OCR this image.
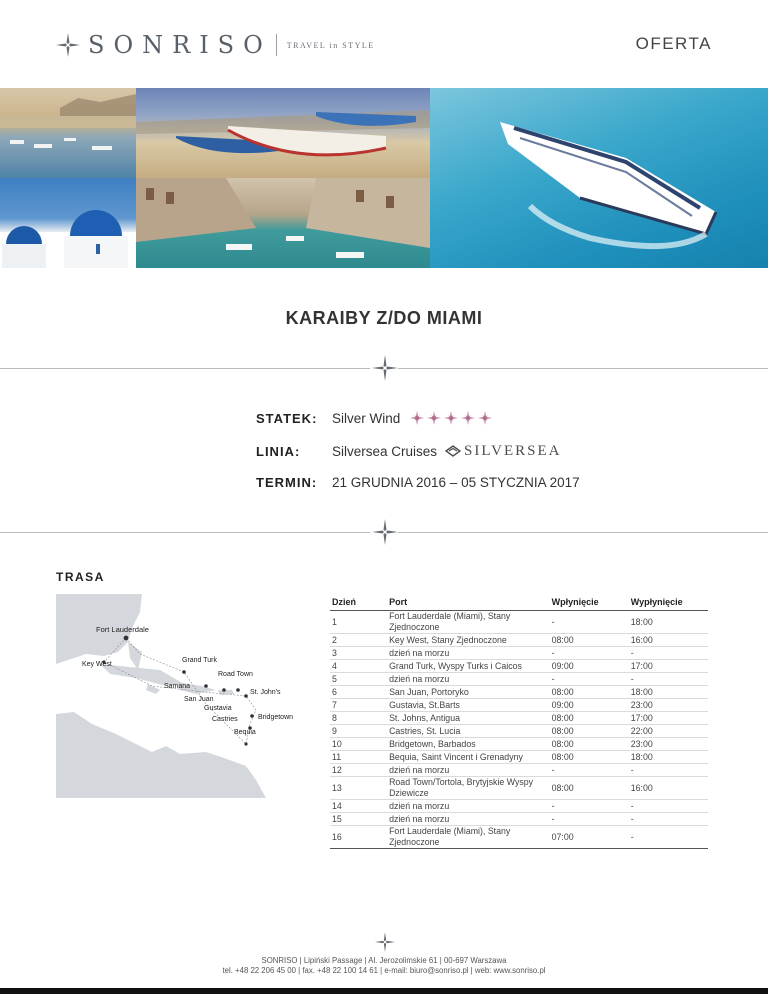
SONRISO TRAVEL in STYLE	OFERTA
KARAIBY Z/DO MIAMI
STATEK:	Silver Wind
LINIA:	Silversea Cruises SILVERSEA
TERMIN:	21 GRUDNIA 2016 – 05 STYCZNIA 2017
TRASA
Fort Lauderdale
Key West
Grand Turk
Road Town
Samana
San Juan
St. John's
Gustavia
Castries	Bridgetown
Bequia
Dzień	Port	Wpłynięcie	Wypłynięcie
1	Fort Lauderdale (Miami), Stany Zjednoczone	-	18:00
2	Key West, Stany Zjednoczone	08:00	16:00
3	dzień na morzu	-	-
4	Grand Turk, Wyspy Turks i Caicos	09:00	17:00
5	dzień na morzu	-	-
6	San Juan, Portoryko	08:00	18:00
7	Gustavia, St.Barts	09:00	23:00
8	St. Johns, Antigua	08:00	17:00
9	Castries, St. Lucia	08:00	22:00
10	Bridgetown, Barbados	08:00	23:00
11	Bequia, Saint Vincent i Grenadyny	08:00	18:00
12	dzień na morzu	-	-
13	Road Town/Tortola, Brytyjskie Wyspy Dziewicze	08:00	16:00
14	dzień na morzu	-	-
15	dzień na morzu	-	-
16	Fort Lauderdale (Miami), Stany Zjednoczone	07:00	-
SONRISO | Lipiński Passage | Al. Jerozolimskie 61 | 00-697 Warszawa
tel. +48 22 206 45 00 | fax. +48 22 100 14 61 | e-mail: biuro@sonriso.pl | web: www.sonriso.pl
